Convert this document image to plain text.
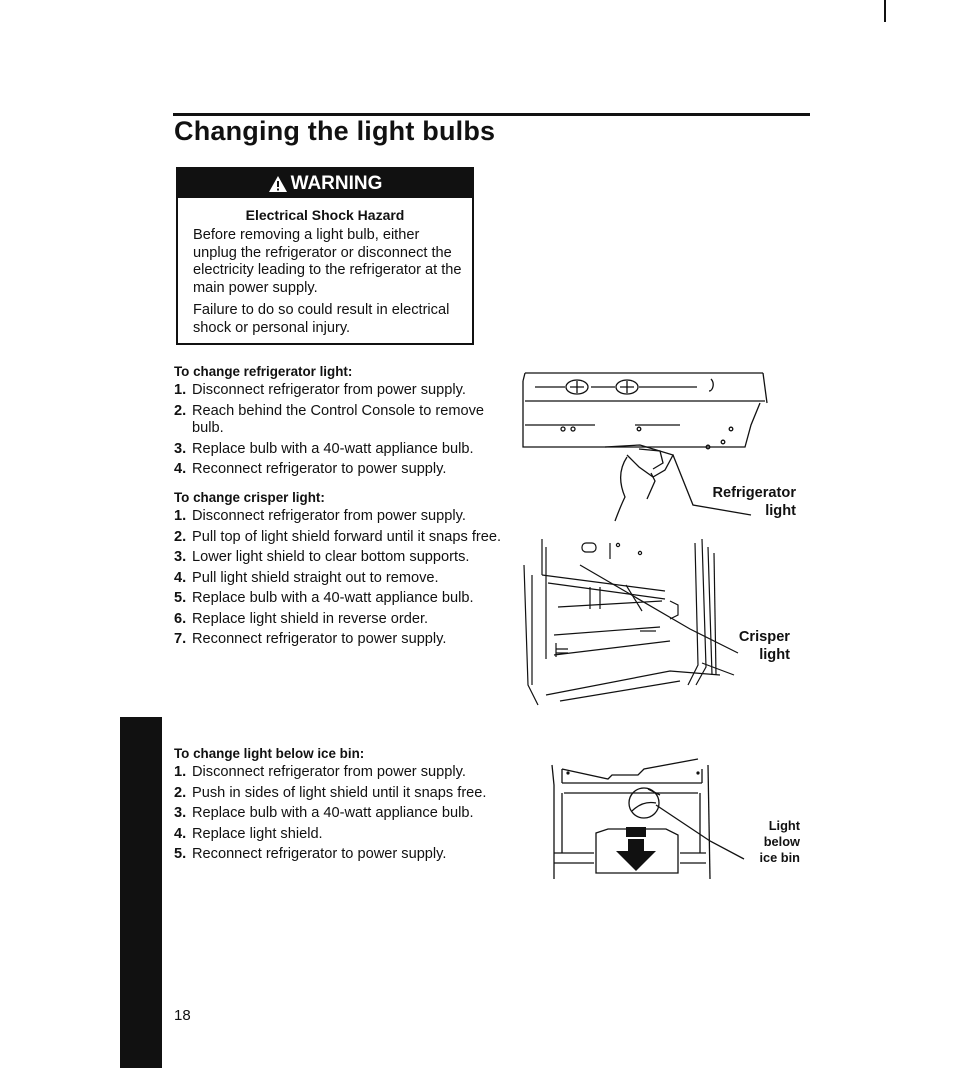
Changing the light bulbs
WARNING
Electrical Shock Hazard

Before removing a light bulb, either unplug the refrigerator or disconnect the electricity leading to the refrigerator at the main power supply.

Failure to do so could result in electrical shock or personal injury.

To change refrigerator light:
1. Disconnect refrigerator from power supply.
2. Reach behind the Control Console to remove bulb.
3. Replace bulb with a 40-watt appliance bulb.
4. Reconnect refrigerator to power supply.
To change crisper light:
1. Disconnect refrigerator from power supply.
2. Pull top of light shield forward until it snaps free.
3. Lower light shield to clear bottom supports.
4. Pull light shield straight out to remove.
5. Replace bulb with a 40-watt appliance bulb.
6. Replace light shield in reverse order.
7. Reconnect refrigerator to power supply.
To change light below ice bin:
1. Disconnect refrigerator from power supply.
2. Push in sides of light shield until it snaps free.
3. Replace bulb with a 40-watt appliance bulb.
4. Replace light shield.
5. Reconnect refrigerator to power supply.
Refrigerator
light
Crisper
light
Light
below
ice bin
18
